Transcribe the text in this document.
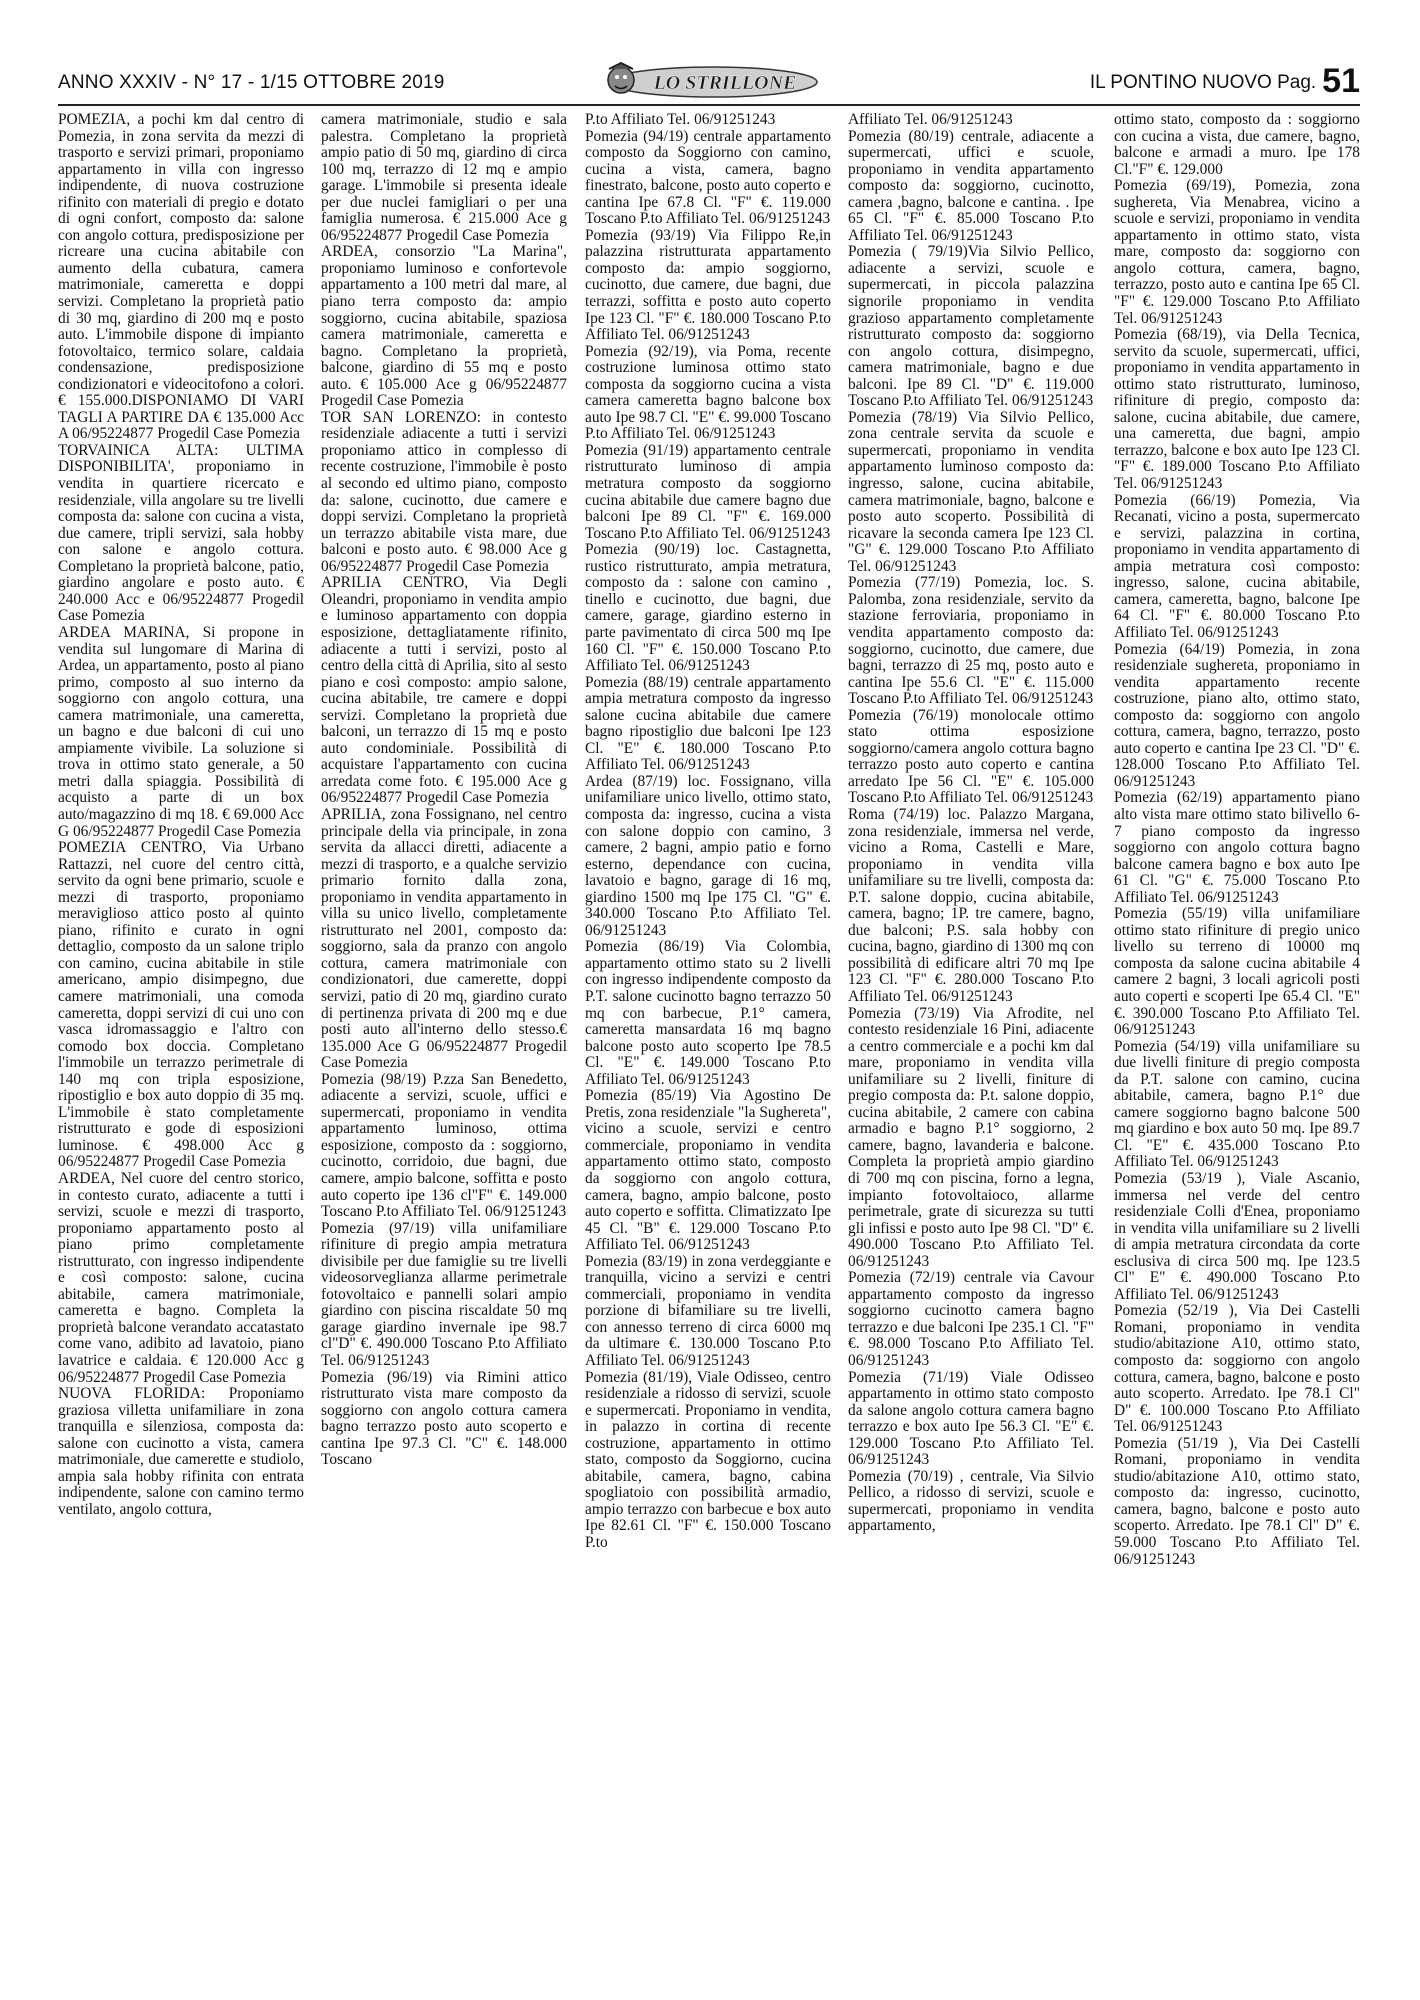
ANNO XXXIV - N° 17 - 1/15 OTTOBRE 2019	LO STRILLONE	IL PONTINO NUOVO Pag. 51

POMEZIA, a pochi km dal centro di Pomezia, in zona servita da mezzi di trasporto e servizi primari, proponiamo appartamento in villa con ingresso indipendente, di nuova costruzione rifinito con materiali di pregio e dotato di ogni confort, composto da: salone con angolo cottura, predisposizione per ricreare una cucina abitabile con aumento della cubatura, camera matrimoniale, cameretta e doppi servizi. Completano la proprietà patio di 30 mq, giardino di 200 mq e posto auto. L'immobile dispone di impianto fotovoltaico, termico solare, caldaia condensazione, predisposizione condizionatori e videocitofono a colori. € 155.000.DISPONIAMO DI VARI TAGLI A PARTIRE DA € 135.000 Acc A 06/95224877 Progedil Case Pomezia

TORVAINICA ALTA: ULTIMA DISPONIBILITA', proponiamo in vendita in quartiere ricercato e residenziale, villa angolare su tre livelli composta da: salone con cucina a vista, due camere, tripli servizi, sala hobby con salone e angolo cottura. Completano la proprietà balcone, patio, giardino angolare e posto auto. € 240.000 Acc e 06/95224877 Progedil Case Pomezia

ARDEA MARINA, Si propone in vendita sul lungomare di Marina di Ardea, un appartamento, posto al piano primo, composto al suo interno da soggiorno con angolo cottura, una camera matrimoniale, una cameretta, un bagno e due balconi di cui uno ampiamente vivibile. La soluzione si trova in ottimo stato generale, a 50 metri dalla spiaggia. Possibilità di acquisto a parte di un box auto/magazzino di mq 18. € 69.000 Acc G 06/95224877 Progedil Case Pomezia

POMEZIA CENTRO, Via Urbano Rattazzi, nel cuore del centro città, servito da ogni bene primario, scuole e mezzi di trasporto, proponiamo meraviglioso attico posto al quinto piano, rifinito e curato in ogni dettaglio, composto da un salone triplo con camino, cucina abitabile in stile americano, ampio disimpegno, due camere matrimoniali, una comoda cameretta, doppi servizi di cui uno con vasca idromassaggio e l'altro con comodo box doccia. Completano l'immobile un terrazzo perimetrale di 140 mq con tripla esposizione, ripostiglio e box auto doppio di 35 mq. L'immobile è stato completamente ristrutturato e gode di esposizioni luminose. € 498.000 Acc g 06/95224877 Progedil Case Pomezia

ARDEA, Nel cuore del centro storico, in contesto curato, adiacente a tutti i servizi, scuole e mezzi di trasporto, proponiamo appartamento posto al piano primo completamente ristrutturato, con ingresso indipendente e così composto: salone, cucina abitabile, camera matrimoniale, cameretta e bagno. Completa la proprietà balcone verandato accatastato come vano, adibito ad lavatoio, piano lavatrice e caldaia. € 120.000 Acc g 06/95224877 Progedil Case Pomezia

NUOVA FLORIDA: Proponiamo graziosa villetta unifamiliare in zona tranquilla e silenziosa, composta da: salone con cucinotto a vista, camera matrimoniale, due camerette e studiolo, ampia sala hobby rifinita con entrata indipendente, salone con camino termo ventilato, angolo cottura,

camera matrimoniale, studio e sala palestra. Completano la proprietà ampio patio di 50 mq, giardino di circa 100 mq, terrazzo di 12 mq e ampio garage. L'immobile si presenta ideale per due nuclei famigliari o per una famiglia numerosa. € 215.000 Ace g 06/95224877 Progedil Case Pomezia

ARDEA, consorzio "La Marina", proponiamo luminoso e confortevole appartamento a 100 metri dal mare, al piano terra composto da: ampio soggiorno, cucina abitabile, spaziosa camera matrimoniale, cameretta e bagno. Completano la proprietà, balcone, giardino di 55 mq e posto auto. € 105.000 Ace g 06/95224877 Progedil Case Pomezia

TOR SAN LORENZO: in contesto residenziale adiacente a tutti i servizi proponiamo attico in complesso di recente costruzione, l'immobile è posto al secondo ed ultimo piano, composto da: salone, cucinotto, due camere e doppi servizi. Completano la proprietà un terrazzo abitabile vista mare, due balconi e posto auto. € 98.000 Ace g 06/95224877 Progedil Case Pomezia

APRILIA CENTRO, Via Degli Oleandri, proponiamo in vendita ampio e luminoso appartamento con doppia esposizione, dettagliatamente rifinito, adiacente a tutti i servizi, posto al centro della città di Aprilia, sito al sesto piano e così composto: ampio salone, cucina abitabile, tre camere e doppi servizi. Completano la proprietà due balconi, un terrazzo di 15 mq e posto auto condominiale. Possibilità di acquistare l'appartamento con cucina arredata come foto. € 195.000 Ace g 06/95224877 Progedil Case Pomezia

APRILIA, zona Fossignano, nel centro principale della via principale, in zona servita da allacci diretti, adiacente a mezzi di trasporto, e a qualche servizio primario fornito dalla zona, proponiamo in vendita appartamento in villa su unico livello, completamente ristrutturato nel 2001, composto da: soggiorno, sala da pranzo con angolo cottura, camera matrimoniale con condizionatori, due camerette, doppi servizi, patio di 20 mq, giardino curato di pertinenza privata di 200 mq e due posti auto all'interno dello stesso.€ 135.000 Ace G 06/95224877 Progedil Case Pomezia

Pomezia (98/19) P.zza San Benedetto, adiacente a servizi, scuole, uffici e supermercati, proponiamo in vendita appartamento luminoso, ottima esposizione, composto da : soggiorno, cucinotto, corridoio, due bagni, due camere, ampio balcone, soffitta e posto auto coperto ipe 136 cl"F" €. 149.000 Toscano P.to Affiliato Tel. 06/91251243

Pomezia (97/19) villa unifamiliare rifiniture di pregio ampia metratura divisibile per due famiglie su tre livelli videosorveglianza allarme perimetrale fotovoltaico e pannelli solari ampio giardino con piscina riscaldate 50 mq garage giardino invernale ipe 98.7 cl"D" €. 490.000 Toscano P.to Affiliato Tel. 06/91251243

Pomezia (96/19) via Rimini attico ristrutturato vista mare composto da soggiorno con angolo cottura camera bagno terrazzo posto auto scoperto e cantina Ipe 97.3 Cl. "C" €. 148.000 Toscano

P.to Affiliato Tel. 06/91251243

Pomezia (94/19) centrale appartamento composto da Soggiorno con camino, cucina a vista, camera, bagno finestrato, balcone, posto auto coperto e cantina Ipe 67.8 Cl. "F" €. 119.000 Toscano P.to Affiliato Tel. 06/91251243

Pomezia (93/19) Via Filippo Re,in palazzina ristrutturata appartamento composto da: ampio soggiorno, cucinotto, due camere, due bagni, due terrazzi, soffitta e posto auto coperto Ipe 123 Cl. "F" €. 180.000 Toscano P.to Affiliato Tel. 06/91251243

Pomezia (92/19), via Poma, recente costruzione luminosa ottimo stato composta da soggiorno cucina a vista camera cameretta bagno balcone box auto Ipe 98.7 Cl. "E" €. 99.000 Toscano P.to Affiliato Tel. 06/91251243

Pomezia (91/19) appartamento centrale ristrutturato luminoso di ampia metratura composto da soggiorno cucina abitabile due camere bagno due balconi Ipe 89 Cl. "F" €. 169.000 Toscano P.to Affiliato Tel. 06/91251243

Pomezia (90/19) loc. Castagnetta, rustico ristrutturato, ampia metratura, composto da : salone con camino , tinello e cucinotto, due bagni, due camere, garage, giardino esterno in parte pavimentato di circa 500 mq Ipe 160 Cl. "F" €. 150.000 Toscano P.to Affiliato Tel. 06/91251243

Pomezia (88/19) centrale appartamento ampia metratura composto da ingresso salone cucina abitabile due camere bagno ripostiglio due balconi Ipe 123 Cl. "E" €. 180.000 Toscano P.to Affiliato Tel. 06/91251243

Ardea (87/19) loc. Fossignano, villa unifamiliare unico livello, ottimo stato, composta da: ingresso, cucina a vista con salone doppio con camino, 3 camere, 2 bagni, ampio patio e forno esterno, dependance con cucina, lavatoio e bagno, garage di 16 mq, giardino 1500 mq Ipe 175 Cl. "G" €. 340.000 Toscano P.to Affiliato Tel. 06/91251243

Pomezia (86/19) Via Colombia, appartamento ottimo stato su 2 livelli con ingresso indipendente composto da P.T. salone cucinotto bagno terrazzo 50 mq con barbecue, P.1° camera, cameretta mansardata 16 mq bagno balcone posto auto scoperto Ipe 78.5 Cl. "E" €. 149.000 Toscano P.to Affiliato Tel. 06/91251243

Pomezia (85/19) Via Agostino De Pretis, zona residenziale "la Sughereta", vicino a scuole, servizi e centro commerciale, proponiamo in vendita appartamento ottimo stato, composto da soggiorno con angolo cottura, camera, bagno, ampio balcone, posto auto coperto e soffitta. Climatizzato Ipe 45 Cl. "B" €. 129.000 Toscano P.to Affiliato Tel. 06/91251243

Pomezia (83/19) in zona verdeggiante e tranquilla, vicino a servizi e centri commerciali, proponiamo in vendita porzione di bifamiliare su tre livelli, con annesso terreno di circa 6000 mq da ultimare €. 130.000 Toscano P.to Affiliato Tel. 06/91251243

Pomezia (81/19), Viale Odisseo, centro residenziale a ridosso di servizi, scuole e supermercati. Proponiamo in vendita, in palazzo in cortina di recente costruzione, appartamento in ottimo stato, composto da Soggiorno, cucina abitabile, camera, bagno, cabina spogliatoio con possibilità armadio, ampio terrazzo con barbecue e box auto Ipe 82.61 Cl. "F" €. 150.000 Toscano P.to

Affiliato Tel. 06/91251243

Pomezia (80/19) centrale, adiacente a supermercati, uffici e scuole, proponiamo in vendita appartamento composto da: soggiorno, cucinotto, camera ,bagno, balcone e cantina. . Ipe 65 Cl. "F" €. 85.000 Toscano P.to Affiliato Tel. 06/91251243

Pomezia ( 79/19)Via Silvio Pellico, adiacente a servizi, scuole e supermercati, in piccola palazzina signorile proponiamo in vendita grazioso appartamento completamente ristrutturato composto da: soggiorno con angolo cottura, disimpegno, camera matrimoniale, bagno e due balconi. Ipe 89 Cl. "D" €. 119.000 Toscano P.to Affiliato Tel. 06/91251243

Pomezia (78/19) Via Silvio Pellico, zona centrale servita da scuole e supermercati, proponiamo in vendita appartamento luminoso composto da: ingresso, salone, cucina abitabile, camera matrimoniale, bagno, balcone e posto auto scoperto. Possibilità di ricavare la seconda camera Ipe 123 Cl. "G" €. 129.000 Toscano P.to Affiliato Tel. 06/91251243

Pomezia (77/19) Pomezia, loc. S. Palomba, zona residenziale, servito da stazione ferroviaria, proponiamo in vendita appartamento composto da: soggiorno, cucinotto, due camere, due bagni, terrazzo di 25 mq, posto auto e cantina Ipe 55.6 Cl. "E" €. 115.000 Toscano P.to Affiliato Tel. 06/91251243

Pomezia (76/19) monolocale ottimo stato ottima esposizione soggiorno/camera angolo cottura bagno terrazzo posto auto coperto e cantina arredato Ipe 56 Cl. "E" €. 105.000 Toscano P.to Affiliato Tel. 06/91251243

Roma (74/19) loc. Palazzo Margana, zona residenziale, immersa nel verde, vicino a Roma, Castelli e Mare, proponiamo in vendita villa unifamiliare su tre livelli, composta da: P.T. salone doppio, cucina abitabile, camera, bagno; 1P. tre camere, bagno, due balconi; P.S. sala hobby con cucina, bagno, giardino di 1300 mq con possibilità di edificare altri 70 mq Ipe 123 Cl. "F" €. 280.000 Toscano P.to Affiliato Tel. 06/91251243

Pomezia (73/19) Via Afrodite, nel contesto residenziale 16 Pini, adiacente a centro commerciale e a pochi km dal mare, proponiamo in vendita villa unifamiliare su 2 livelli, finiture di pregio composta da: P.t. salone doppio, cucina abitabile, 2 camere con cabina armadio e bagno P.1° soggiorno, 2 camere, bagno, lavanderia e balcone. Completa la proprietà ampio giardino di 700 mq con piscina, forno a legna, impianto fotovoltaioco, allarme perimetrale, grate di sicurezza su tutti gli infissi e posto auto Ipe 98 Cl. "D" €. 490.000 Toscano P.to Affiliato Tel. 06/91251243

Pomezia (72/19) centrale via Cavour appartamento composto da ingresso soggiorno cucinotto camera bagno terrazzo e due balconi Ipe 235.1 Cl. "F" €. 98.000 Toscano P.to Affiliato Tel. 06/91251243

Pomezia (71/19) Viale Odisseo appartamento in ottimo stato composto da salone angolo cottura camera bagno terrazzo e box auto Ipe 56.3 Cl. "E" €. 129.000 Toscano P.to Affiliato Tel. 06/91251243

Pomezia (70/19) , centrale, Via Silvio Pellico, a ridosso di servizi, scuole e supermercati, proponiamo in vendita appartamento,

ottimo stato, composto da : soggiorno con cucina a vista, due camere, bagno, balcone e armadi a muro. Ipe 178 Cl."F" €. 129.000

Pomezia (69/19), Pomezia, zona sughereta, Via Menabrea, vicino a scuole e servizi, proponiamo in vendita appartamento in ottimo stato, vista mare, composto da: soggiorno con angolo cottura, camera, bagno, terrazzo, posto auto e cantina Ipe 65 Cl. "F" €. 129.000 Toscano P.to Affiliato Tel. 06/91251243

Pomezia (68/19), via Della Tecnica, servito da scuole, supermercati, uffici, proponiamo in vendita appartamento in ottimo stato ristrutturato, luminoso, rifiniture di pregio, composto da: salone, cucina abitabile, due camere, una cameretta, due bagni, ampio terrazzo, balcone e box auto Ipe 123 Cl. "F" €. 189.000 Toscano P.to Affiliato Tel. 06/91251243

Pomezia (66/19) Pomezia, Via Recanati, vicino a posta, supermercato e servizi, palazzina in cortina, proponiamo in vendita appartamento di ampia metratura così composto: ingresso, salone, cucina abitabile, camera, cameretta, bagno, balcone Ipe 64 Cl. "F" €. 80.000 Toscano P.to Affiliato Tel. 06/91251243

Pomezia (64/19) Pomezia, in zona residenziale sughereta, proponiamo in vendita appartamento recente costruzione, piano alto, ottimo stato, composto da: soggiorno con angolo cottura, camera, bagno, terrazzo, posto auto coperto e cantina Ipe 23 Cl. "D" €. 128.000 Toscano P.to Affiliato Tel. 06/91251243

Pomezia (62/19) appartamento piano alto vista mare ottimo stato bilivello 6-7 piano composto da ingresso soggiorno con angolo cottura bagno balcone camera bagno e box auto Ipe 61 Cl. "G" €. 75.000 Toscano P.to Affiliato Tel. 06/91251243

Pomezia (55/19) villa unifamiliare ottimo stato rifiniture di pregio unico livello su terreno di 10000 mq composta da salone cucina abitabile 4 camere 2 bagni, 3 locali agricoli posti auto coperti e scoperti Ipe 65.4 Cl. "E" €. 390.000 Toscano P.to Affiliato Tel. 06/91251243

Pomezia (54/19) villa unifamiliare su due livelli finiture di pregio composta da P.T. salone con camino, cucina abitabile, camera, bagno P.1° due camere soggiorno bagno balcone 500 mq giardino e box auto 50 mq. Ipe 89.7 Cl. "E" €. 435.000 Toscano P.to Affiliato Tel. 06/91251243

Pomezia (53/19 ), Viale Ascanio, immersa nel verde del centro residenziale Colli d'Enea, proponiamo in vendita villa unifamiliare su 2 livelli di ampia metratura circondata da corte esclusiva di circa 500 mq. Ipe 123.5 Cl" E" €. 490.000 Toscano P.to Affiliato Tel. 06/91251243

Pomezia (52/19 ), Via Dei Castelli Romani, proponiamo in vendita studio/abitazione A10, ottimo stato, composto da: soggiorno con angolo cottura, camera, bagno, balcone e posto auto scoperto. Arredato. Ipe 78.1 Cl" D" €. 100.000 Toscano P.to Affiliato Tel. 06/91251243

Pomezia (51/19 ), Via Dei Castelli Romani, proponiamo in vendita studio/abitazione A10, ottimo stato, composto da: ingresso, cucinotto, camera, bagno, balcone e posto auto scoperto. Arredato. Ipe 78.1 Cl" D" €. 59.000 Toscano P.to Affiliato Tel. 06/91251243
